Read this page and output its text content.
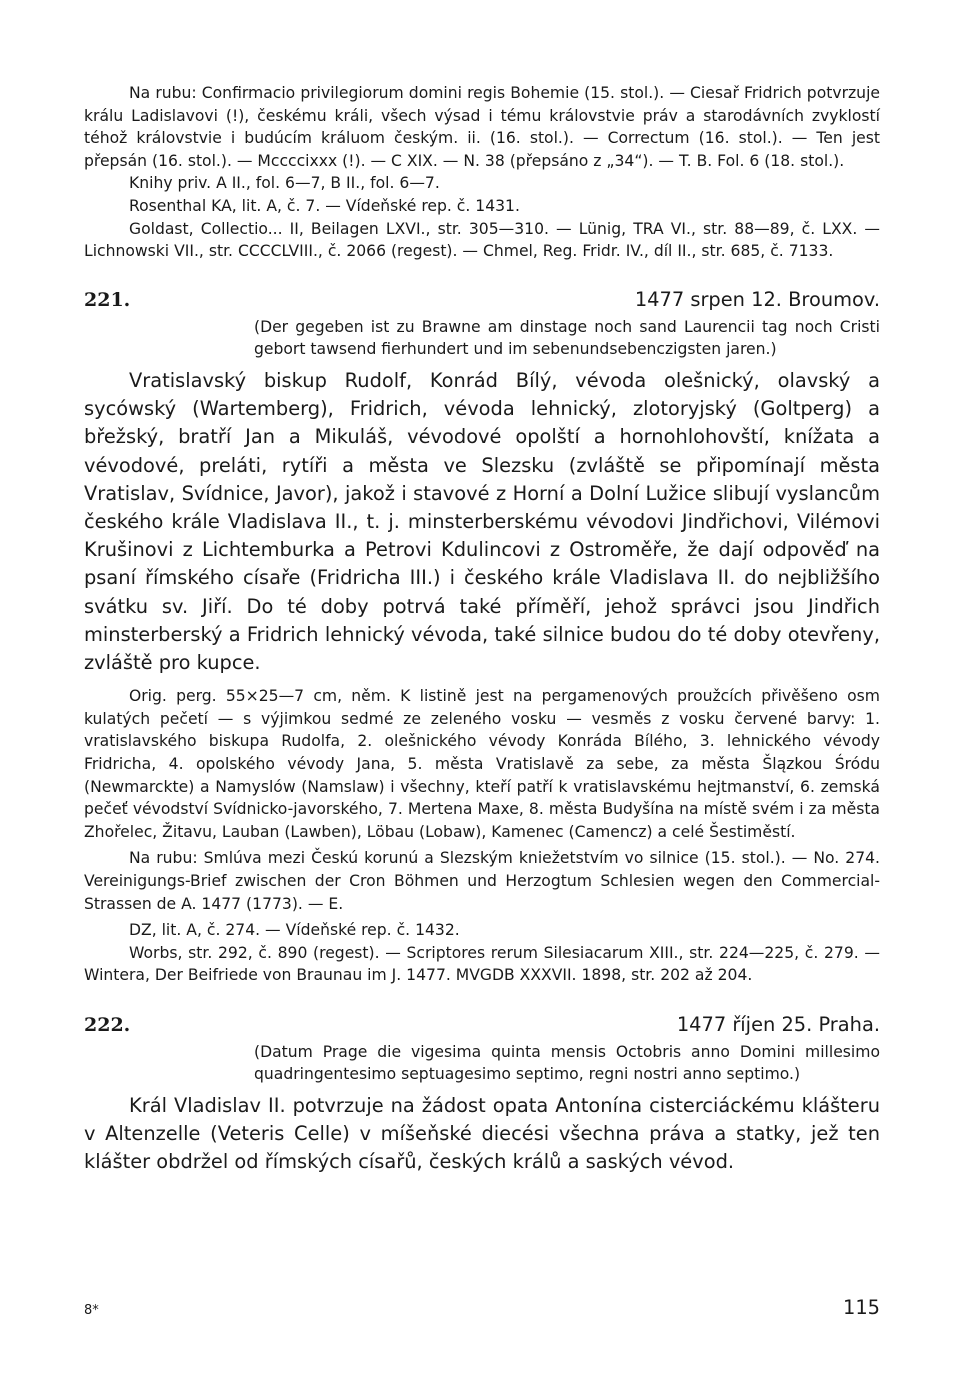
Na rubu: Confirmacio privilegiorum domini regis Bohemie (15. stol.). — Ciesař Fridrich potvrzuje králu Ladislavovi (!), českému králi, všech výsad i tému královstvie práv a starodávních zvyklostí téhož královstvie i budúcím králuom českým. ii. (16. stol.). — Correctum (16. stol.). — Ten jest přepsán (16. stol.). — Mccccixxx (!). — C XIX. — N. 38 (přepsáno z „34“). — T. B. Fol. 6 (18. stol.).

Knihy priv. A II., fol. 6—7, B II., fol. 6—7.

Rosenthal KA, lit. A, č. 7. — Vídeňské rep. č. 1431.

Goldast, Collectio... II, Beilagen LXVI., str. 305—310. — Lünig, TRA VI., str. 88—89, č. LXX. — Lichnowski VII., str. CCCCLVIII., č. 2066 (regest). — Chmel, Reg. Fridr. IV., díl II., str. 685, č. 7133.

221.	1477 srpen 12. Broumov.

(Der gegeben ist zu Brawne am dinstage noch sand Laurencii tag noch Cristi gebort tawsend fierhundert und im sebenundsebenczigsten jaren.)

Vratislavský biskup Rudolf, Konrád Bílý, vévoda olešnický, olavský a sycówský (Wartemberg), Fridrich, vévoda lehnický, zlotoryjský (Goltperg) a břežský, bratří Jan a Mikuláš, vévodové opolští a hornohlohovští, knížata a vévodové, preláti, rytíři a města ve Slezsku (zvláště se připomínají města Vratislav, Svídnice, Javor), jakož i stavové z Horní a Dolní Lužice slibují vyslancům českého krále Vladislava II., t. j. minsterberskému vévodovi Jindřichovi, Vilémovi Krušinovi z Lichtemburka a Petrovi Kdulincovi z Ostroměře, že dají odpověď na psaní římského císaře (Fridricha III.) i českého krále Vladislava II. do nejbližšího svátku sv. Jiří. Do té doby potrvá také příměří, jehož správci jsou Jindřich minsterberský a Fridrich lehnický vévoda, také silnice budou do té doby otevřeny, zvláště pro kupce.

Orig. perg. 55×25—7 cm, něm. K listině jest na pergamenových proužcích přivěšeno osm kulatých pečetí — s výjimkou sedmé ze zeleného vosku — vesměs z vosku červené barvy: 1. vratislavského biskupa Rudolfa, 2. olešnického vévody Konráda Bílého, 3. lehnického vévody Fridricha, 4. opolského vévody Jana, 5. města Vratislavě za sebe, za města Šlązkou Śródu (Newmarckte) a Namyslów (Namslaw) i všechny, kteří patří k vratislavskému hejtmanství, 6. zemská pečeť vévodství Svídnicko-javorského, 7. Mertena Maxe, 8. města Budyšína na místě svém i za města Zhořelec, Žitavu, Lauban (Lawben), Löbau (Lobaw), Kamenec (Camencz) a celé Šestiměstí.

Na rubu: Smlúva mezi Českú korunú a Slezským kniežetstvím vo silnice (15. stol.). — No. 274. Vereinigungs-Brief zwischen der Cron Böhmen und Herzogtum Schlesien wegen den Commercial-Strassen de A. 1477 (1773). — E.

DZ, lit. A, č. 274. — Vídeňské rep. č. 1432.

Worbs, str. 292, č. 890 (regest). — Scriptores rerum Silesiacarum XIII., str. 224—225, č. 279. — Wintera, Der Beifriede von Braunau im J. 1477. MVGDB XXXVII. 1898, str. 202 až 204.

222.	1477 říjen 25. Praha.

(Datum Prage die vigesima quinta mensis Octobris anno Domini millesimo quadringentesimo septuagesimo septimo, regni nostri anno septimo.)

Král Vladislav II. potvrzuje na žádost opata Antonína cisterciáckému klášteru v Altenzelle (Veteris Celle) v míšeňské diecési všechna práva a statky, jež ten klášter obdržel od římských císařů, českých králů a saských vévod.

8*	115
